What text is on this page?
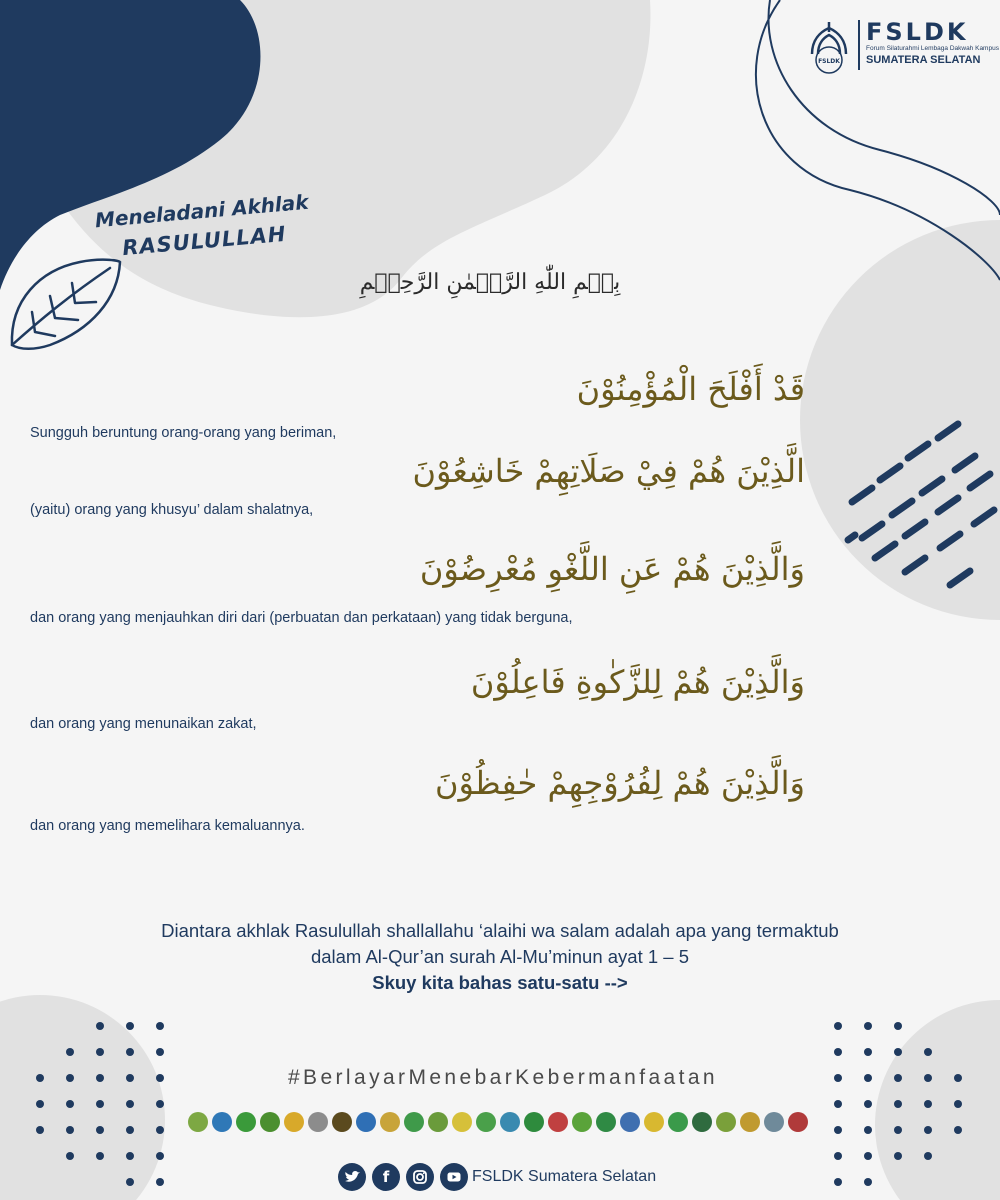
FSLDK
FSLDK
Forum Silaturahmi Lembaga Dakwah Kampus
SUMATERA SELATAN
Meneladani Akhlak
RASULULLAH
بِسۡمِ اللّٰهِ الرَّحۡمٰنِ الرَّحِيۡمِ
قَدْ أَفْلَحَ الْمُؤْمِنُوْنَ
Sungguh beruntung orang-orang yang beriman,
الَّذِيْنَ هُمْ فِيْ صَلَاتِهِمْ خَاشِعُوْنَ
(yaitu) orang yang khusyu’ dalam shalatnya,
وَالَّذِيْنَ هُمْ عَنِ اللَّغْوِ مُعْرِضُوْنَ
dan orang yang menjauhkan diri dari (perbuatan dan perkataan) yang tidak berguna,
وَالَّذِيْنَ هُمْ لِلزَّكٰوةِ فَاعِلُوْنَ
dan orang yang menunaikan zakat,
وَالَّذِيْنَ هُمْ لِفُرُوْجِهِمْ حٰفِظُوْنَ
dan orang yang memelihara kemaluannya.
Diantara akhlak Rasulullah shallallahu ‘alaihi wa salam adalah apa yang termaktub
dalam Al-Qur’an surah Al-Mu’minun ayat 1 – 5
Skuy kita bahas satu-satu -->
#BerlayarMenebarKebermanfaatan
f	FSLDK Sumatera Selatan
